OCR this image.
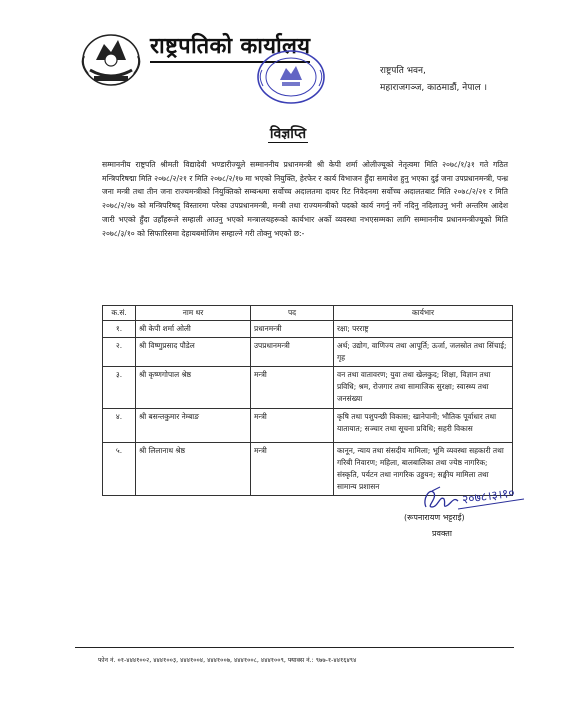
राष्ट्रपतिको कार्यालय
राष्ट्रपति भवन,
महाराजगञ्ज, काठमाडौं, नेपाल ।
विज्ञप्ति
सम्माननीय राष्ट्रपति श्रीमती विद्यादेवी भण्डारीज्यूले सम्माननीय प्रधानमन्त्री श्री केपी शर्मा ओलीज्यूको नेतृत्वमा मिति २०७८/१/३१ गते गठित मन्त्रिपरिषद्मा मिति २०७८/२/२१ र मिति २०७८/२/१७ मा भएको नियुक्ति, हेरफेर र कार्य विभाजन हुँदा समावेश हुनु भएका दुई जना उपप्रधानमन्त्री, पन्ध्र जना मन्त्री तथा तीन जना राज्यमन्त्रीको नियुक्तिको सम्बन्धमा सर्वोच्च अदालतमा दायर रिट निवेदनमा सर्वोच्च अदालतबाट मिति २०७८/२/२१ र मिति २०७८/२/२७ को मन्त्रिपरिषद् विस्तारमा परेका उपप्रधानमन्त्री, मन्त्री तथा राज्यमन्त्रीको पदको कार्य नगर्नु नर्गे नदिनु नदिलाउनु भनी अन्तरिम आदेश जारी भएको हुँदा उहाँहरूले सम्हाली आउनु भएको मन्त्रालयहरूको कार्यभार अर्को व्यवस्था नभएसम्मका लागि सम्माननीय प्रधानमन्त्रीज्यूको मिति २०७८/३/१० को सिफारिसमा देहायबमोजिम सम्हाल्ने गरी तोक्नु भएको छ:-
क.सं.	नाम थर	पद	कार्यभार
१.	श्री केपी शर्मा ओली	प्रधानमन्त्री	रक्षा; परराष्ट्र
२.	श्री विष्णुप्रसाद पौडेल	उपप्रधानमन्त्री	अर्थ; उद्योग, वाणिज्य तथा आपूर्ति; ऊर्जा, जलस्रोत तथा सिंचाई; गृह
३.	श्री कृष्णगोपाल श्रेष्ठ	मन्त्री	वन तथा वातावरण; युवा तथा खेलकुद; शिक्षा, विज्ञान तथा प्रविधि; श्रम, रोजगार तथा सामाजिक सुरक्षा; स्वास्थ्य तथा जनसंख्या
४.	श्री बसन्तकुमार नेम्बाङ	मन्त्री	कृषि तथा पशुपन्छी विकास; खानेपानी; भौतिक पूर्वाधार तथा यातायात; सञ्चार तथा सूचना प्रविधि; सहरी विकास
५.	श्री लिलानाथ श्रेष्ठ	मन्त्री	कानून, न्याय तथा संसदीय मामिला; भूमि व्यवस्था सहकारी तथा गरिबी निवारण; महिला, बालबालिका तथा ज्येष्ठ नागरिक; संस्कृति, पर्यटन तथा नागरिक उड्डयन; सङ्घीय मामिला तथा सामान्य प्रशासन	२०७८।३।१०
(रूपनारायण भट्टराई)
प्रवक्ता
फोन नं. ०१-४४४१००२, ४४४१००३, ४४४१००४, ४४४१००७, ४४४१००८, ४४४१००९, फ्याक्स नं.: ९७७-१-४४१६४९४
